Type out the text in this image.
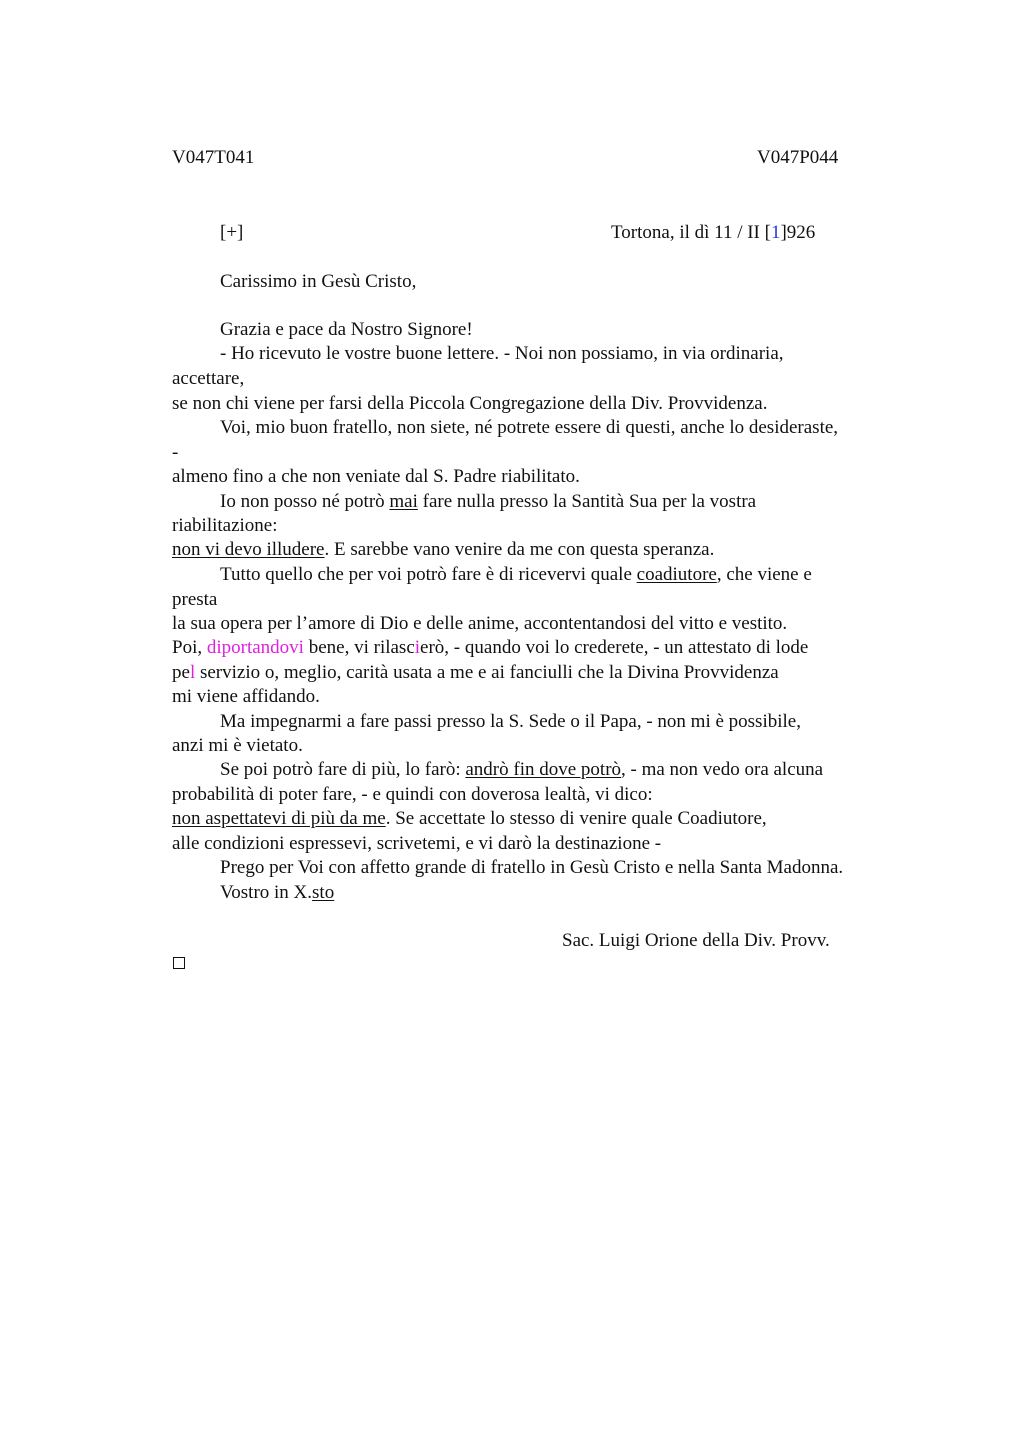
V047T041	V047P044
[+]	Tortona, il dì 11 / II [1]926
Carissimo in Gesù Cristo,
Grazia e pace da Nostro Signore!
- Ho ricevuto le vostre buone lettere. - Noi non possiamo, in via ordinaria,
accettare,
se non chi viene per farsi della Piccola Congregazione della Div. Provvidenza.
Voi, mio buon fratello, non siete, né potrete essere di questi, anche lo desideraste,
-
almeno fino a che non veniate dal S. Padre riabilitato.
Io non posso né potrò mai fare nulla presso la Santità Sua per la vostra
riabilitazione:
non vi devo illudere. E sarebbe vano venire da me con questa speranza.
Tutto quello che per voi potrò fare è di ricevervi quale coadiutore, che viene e
presta
la sua opera per l’amore di Dio e delle anime, accontentandosi del vitto e vestito.
Poi, diportandovi bene, vi rilascierò, - quando voi lo crederete, - un attestato di lode
pel servizio o, meglio, carità usata a me e ai fanciulli che la Divina Provvidenza
mi viene affidando.
Ma impegnarmi a fare passi presso la S. Sede o il Papa, - non mi è possibile,
anzi mi è vietato.
Se poi potrò fare di più, lo farò: andrò fin dove potrò, - ma non vedo ora alcuna
probabilità di poter fare, - e quindi con doverosa lealtà, vi dico:
non aspettatevi di più da me. Se accettate lo stesso di venire quale Coadiutore,
alle condizioni espressevi, scrivetemi, e vi darò la destinazione -
Prego per Voi con affetto grande di fratello in Gesù Cristo e nella Santa Madonna.
Vostro in X.sto
Sac. Luigi Orione della Div. Provv.
